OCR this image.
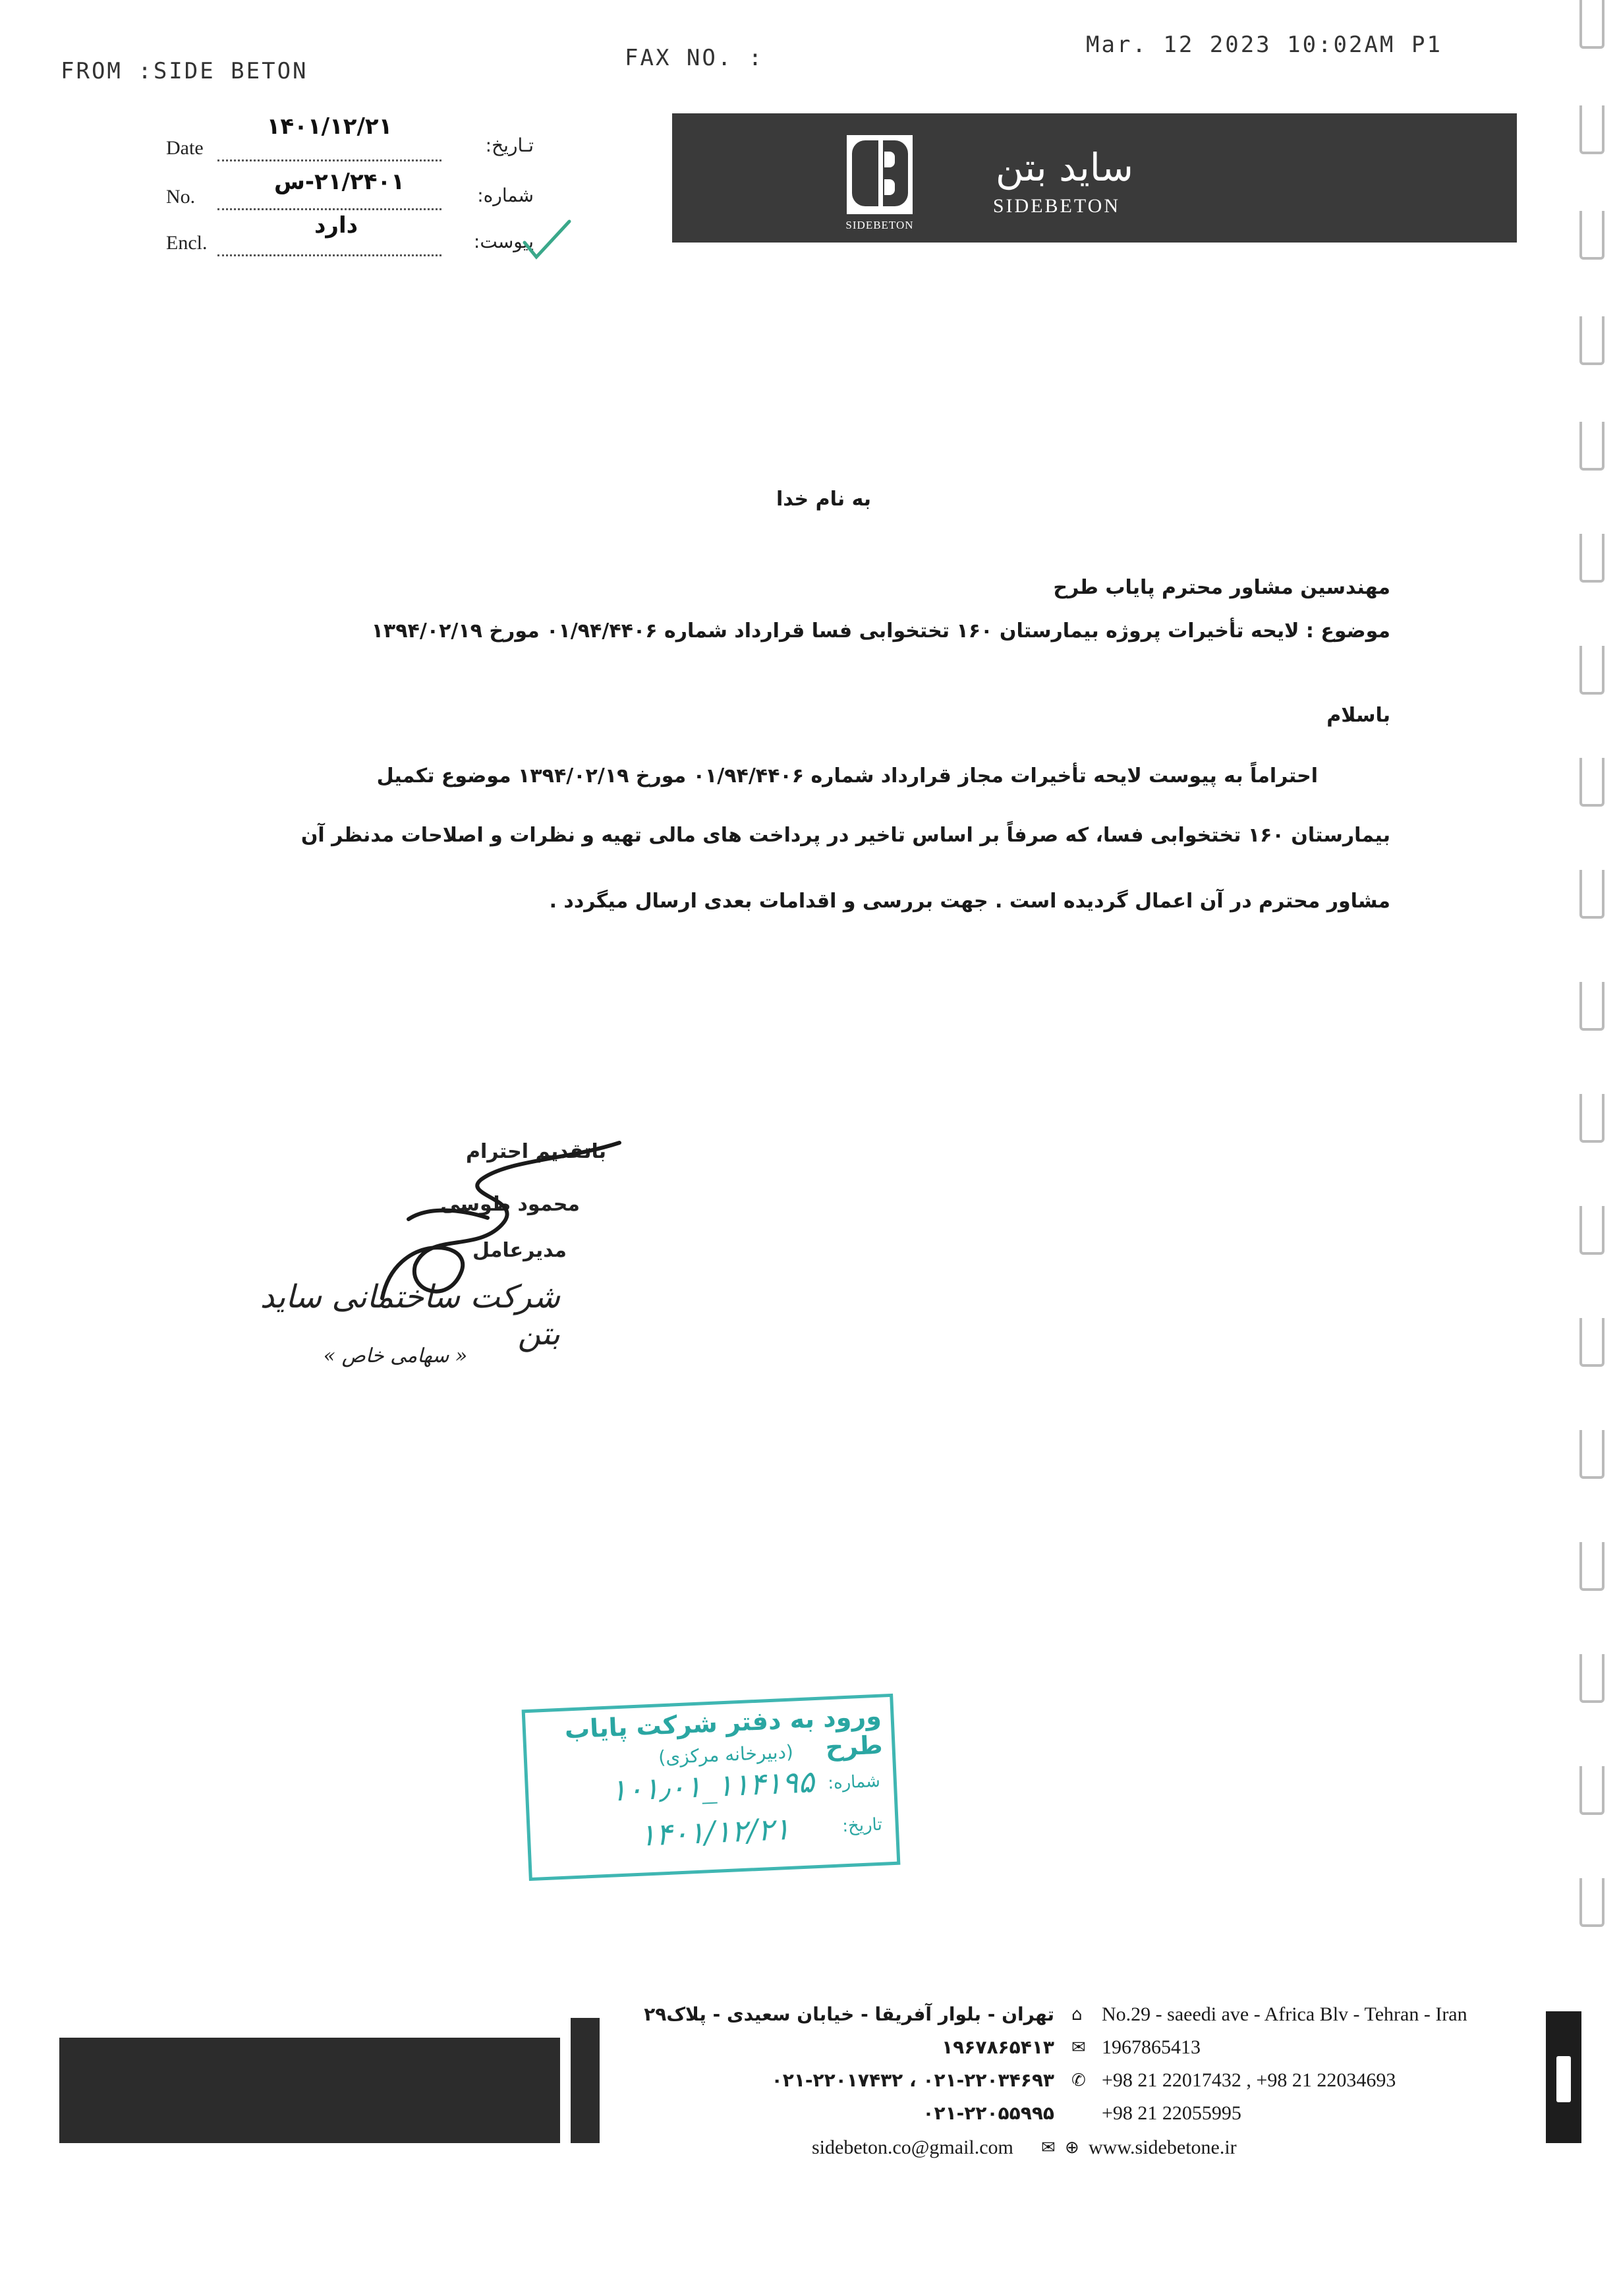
FROM :SIDE BETON	FAX NO. :	Mar. 12 2023 10:02AM P1
SIDEBETON
ساید بتن
SIDEBETON
Date
۱۴۰۱/۱۲/۲۱
تـاریخ:
No.
۲۱/۲۴۰۱-س
شماره:
Encl.
دارد
پیوست:
به نام خدا
مهندسین مشاور محترم پایاب طرح
موضوع : لایحه تأخیرات پروژه بیمارستان ۱۶۰ تختخوابی فسا قرارداد شماره ۰۱/۹۴/۴۴۰۶ مورخ ۱۳۹۴/۰۲/۱۹
باسلام
احتراماً به پیوست لایحه تأخیرات مجاز قرارداد شماره ۰۱/۹۴/۴۴۰۶ مورخ ۱۳۹۴/۰۲/۱۹ موضوع تکمیل
بیمارستان ۱۶۰ تختخوابی فسا، که صرفاً بر اساس تاخیر در پرداخت های مالی تهیه و نظرات و اصلاحات مدنظر آن
مشاور محترم در آن اعمال گردیده است . جهت بررسی و اقدامات بعدی ارسال میگردد .
باتقدیم احترام
محمود طوسی
مدیرعامل
شرکت ساختمانی ساید بتن
« سهامی خاص »
ورود به دفتر شرکت پایاب طرح
(دبیرخانه مرکزی)
شماره:
۱۰۱٫۰۱_۱۱۴۱۹۵
تاریخ:
۱۴۰۱/۱۲/۲۱
تهران - بلوار آفریقا - خیابان سعیدی - پلاک۲۹ ⌂ No.29 - saeedi ave - Africa Blv - Tehran - Iran
۱۹۶۷۸۶۵۴۱۳ ✉ 1967865413
۰۲۱-۲۲۰۱۷۴۳۲ ، ۰۲۱-۲۲۰۳۴۶۹۳ ✆ +98 21 22017432 , +98 21 22034693
۰۲۱-۲۲۰۵۵۹۹۵ +98 21 22055995
sidebeton.co@gmail.com ✉ ⊕ www.sidebetone.ir
